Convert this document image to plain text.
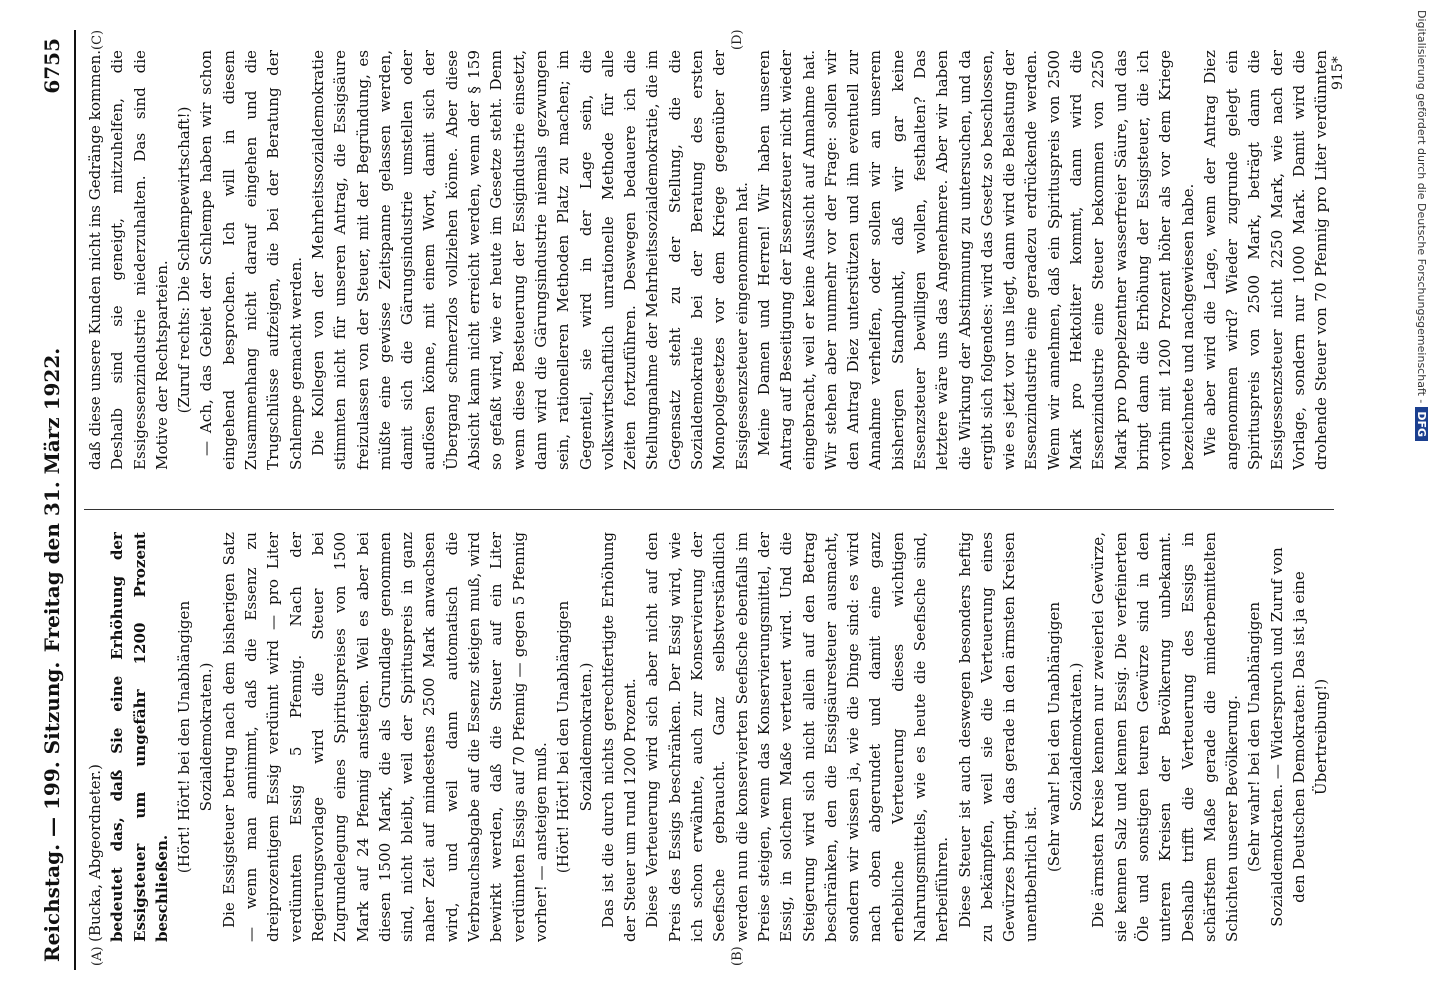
Reichstag. — 199. Sitzung.
Freitag den 31. März 1922.
6755
(A)	(B)
(C)	(D)

(Bucka, Abgeordneter.) bedeutet das, daß Sie eine Erhöhung der Essigsteuer um ungefähr 1200 Prozent beschließen.

(Hört! Hört! bei den Unabhängigen Sozialdemokraten.) Die Essigsteuer betrug nach dem bisherigen Satz — wenn man annimmt, daß die Essenz zu dreiprozentigem Essig verdünnt wird — pro Liter verdünnten Essig 5 Pfennig. Nach der Regierungsvorlage wird die Steuer bei Zugrundelegung eines Spirituspreises von 1500 Mark auf 24 Pfennig ansteigen. Weil es aber bei diesen 1500 Mark, die als Grundlage genommen sind, nicht bleibt, weil der Spirituspreis in ganz naher Zeit auf mindestens 2500 Mark anwachsen wird, und weil dann automatisch die Verbrauchsabgabe auf die Essenz steigen muß, wird bewirkt werden, daß die Steuer auf ein Liter verdünnten Essigs auf 70 Pfennig — gegen 5 Pfennig vorher! — ansteigen muß. (Hört! Hört! bei den Unabhängigen Sozialdemokraten.) Das ist die durch nichts gerechtfertigte Erhöhung der Steuer um rund 1200 Prozent. Diese Verteuerung wird sich aber nicht auf den Preis des Essigs beschränken. Der Essig wird, wie ich schon erwähnte, auch zur Konservierung der Seefische gebraucht. Ganz selbstverständlich werden nun die konservierten Seefische ebenfalls im Preise steigen, wenn das Konservierungsmittel, der Essig, in solchem Maße verteuert wird. Und die Steigerung wird sich nicht allein auf den Betrag beschränken, den die Essigsäuresteuer ausmacht, sondern wir wissen ja, wie die Dinge sind: es wird nach oben abgerundet und damit eine ganz erhebliche Verteuerung dieses wichtigen Nahrungsmittels, wie es heute die Seefische sind, herbeiführen. Diese Steuer ist auch deswegen besonders heftig zu bekämpfen, weil sie die Verteuerung eines Gewürzes bringt, das gerade in den ärmsten Kreisen unentbehrlich ist.

(Sehr wahr! bei den Unabhängigen Sozialdemokraten.) Die ärmsten Kreise kennen nur zweierlei Gewürze, sie kennen Salz und kennen Essig. Die verfeinerten Öle und sonstigen teuren Gewürze sind in den unteren Kreisen der Bevölkerung unbekannt. Deshalb trifft die Verteuerung des Essigs in schärfstem Maße gerade die minderbemittelten Schichten unserer Bevölkerung. (Sehr wahr! bei den Unabhängigen Sozialdemokraten. — Widerspruch und Zuruf von den Deutschen Demokraten: Das ist ja eine Übertreibung!)

daß diese unsere Kunden nicht ins Gedränge kommen. Deshalb sind sie geneigt, mitzuhelfen, die Essigessenzindustrie niederzuhalten. Das sind die Motive der Rechtsparteien. (Zuruf rechts: Die Schlempewirtschaft!) — Ach, das Gebiet der Schlempe haben wir schon eingehend besprochen. Ich will in diesem Zusammenhang nicht darauf eingehen und die Trugschlüsse aufzeigen, die bei der Beratung der Schlempe gemacht werden. Die Kollegen von der Mehrheitssozialdemokratie stimmten nicht für unseren Antrag, die Essigsäure freizulassen von der Steuer, mit der Begründung, es müßte eine gewisse Zeitspanne gelassen werden, damit sich die Gärungsindustrie umstellen oder auflösen könne, mit einem Wort, damit sich der Übergang schmerzlos vollziehen könne. Aber diese Absicht kann nicht erreicht werden, wenn der § 159 so gefaßt wird, wie er heute im Gesetze steht. Denn wenn diese Besteuerung der Essigindustrie einsetzt, dann wird die Gärungsindustrie niemals gezwungen sein, rationelleren Methoden Platz zu machen; im Gegenteil, sie wird in der Lage sein, die volkswirtschaftlich unrationelle Methode für alle Zeiten fortzuführen. Deswegen bedauere ich die Stellungnahme der Mehrheitssozialdemokratie, die im Gegensatz steht zu der Stellung, die die Sozialdemokratie bei der Beratung des ersten Monopolgesetzes vor dem Kriege gegenüber der Essigessenzsteuer eingenommen hat. Meine Damen und Herren! Wir haben unseren Antrag auf Beseitigung der Essenzsteuer nicht wieder eingebracht, weil er keine Aussicht auf Annahme hat. Wir stehen aber nunmehr vor der Frage: sollen wir den Antrag Diez unterstützen und ihn eventuell zur Annahme verhelfen, oder sollen wir an unserem bisherigen Standpunkt, daß wir gar keine Essenzsteuer bewilligen wollen, festhalten? Das letztere wäre uns das Angenehmere. Aber wir haben die Wirkung der Abstimmung zu untersuchen, und da ergibt sich folgendes: wird das Gesetz so beschlossen, wie es jetzt vor uns liegt, dann wird die Belastung der Essenzindustrie eine geradezu erdrückende werden. Wenn wir annehmen, daß ein Spirituspreis von 2500 Mark pro Hektoliter kommt, dann wird die Essenzindustrie eine Steuer bekommen von 2250 Mark pro Doppelzentner wasserfreier Säure, und das bringt dann die Erhöhung der Essigsteuer, die ich vorhin mit 1200 Prozent höher als vor dem Kriege bezeichnete und nachgewiesen habe. Wie aber wird die Lage, wenn der Antrag Diez angenommen wird? Wieder zugrunde gelegt ein Spirituspreis von 2500 Mark, beträgt dann die Essigessenzsteuer nicht 2250 Mark, wie nach der Vorlage, sondern nur 1000 Mark. Damit wird die drohende Steuer von 70 Pfennig pro Liter verdünnten 915*	Digitalisierung gefördert durch die Deutsche Forschungsgemeinschaft -DFG
